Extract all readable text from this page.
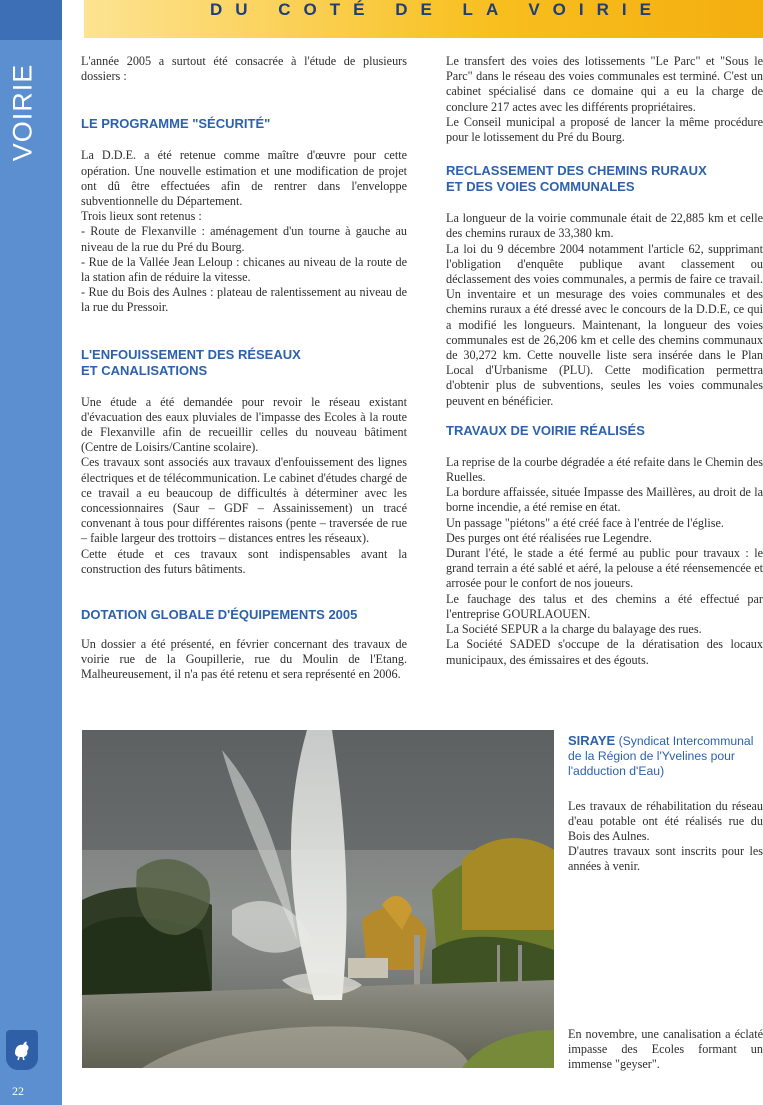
VOIRIE
22
DU COTÉ DE LA VOIRIE

L'année 2005 a surtout été consacrée à l'étude de plusieurs dossiers :

LE PROGRAMME "SÉCURITÉ"

La D.D.E. a été retenue comme maître d'œuvre pour cette opération. Une nouvelle estimation et une modification de projet ont dû être effectuées afin de rentrer dans l'enveloppe subventionnelle du Département.

Trois lieux sont retenus :

- Route de Flexanville : aménagement d'un tourne à gauche au niveau de la rue du Pré du Bourg.

- Rue de la Vallée Jean Leloup : chicanes au niveau de la route de la station afin de réduire la vitesse.

- Rue du Bois des Aulnes : plateau de ralentissement au niveau de la rue du Pressoir.

L'ENFOUISSEMENT DES RÉSEAUX
ET CANALISATIONS

Une étude a été demandée pour revoir le réseau existant d'évacuation des eaux pluviales de l'impasse des Ecoles à la route de Flexanville afin de recueillir celles du nouveau bâtiment (Centre de Loisirs/Cantine scolaire).

Ces travaux sont associés aux travaux d'enfouissement des lignes électriques et de télécommunication. Le cabinet d'études chargé de ce travail a eu beaucoup de difficultés à déterminer avec les concessionnaires (Saur – GDF – Assainissement) un tracé convenant à tous pour différentes raisons (pente – traversée de rue – faible largeur des trottoirs – distances entres les réseaux).

Cette étude et ces travaux sont indispensables avant la construction des futurs bâtiments.

DOTATION GLOBALE D'ÉQUIPEMENTS 2005

Un dossier a été présenté, en février concernant des travaux de voirie rue de la Goupillerie, rue du Moulin de l'Etang. Malheureusement, il n'a pas été retenu et sera représenté en 2006.

Le transfert des voies des lotissements "Le Parc" et "Sous le Parc" dans le réseau des voies communales est terminé. C'est un cabinet spécialisé dans ce domaine qui a eu la charge de conclure 217 actes avec les différents propriétaires.

Le Conseil municipal a proposé de lancer la même procédure pour le lotissement du Pré du Bourg.

RECLASSEMENT DES CHEMINS RURAUX
ET DES VOIES COMMUNALES

La longueur de la voirie communale était de 22,885 km et celle des chemins ruraux de 33,380 km.

La loi du 9 décembre 2004 notamment l'article 62, supprimant l'obligation d'enquête publique avant classement ou déclassement des voies communales, a permis de faire ce travail. Un inventaire et un mesurage des voies communales et des chemins ruraux a été dressé avec le concours de la D.D.E, ce qui a modifié les longueurs. Maintenant, la longueur des voies communales est de 26,206 km et celle des chemins communaux de 30,272 km. Cette nouvelle liste sera insérée dans le Plan Local d'Urbanisme (PLU). Cette modification permettra d'obtenir plus de subventions, seules les voies communales peuvent en bénéficier.

TRAVAUX DE VOIRIE RÉALISÉS

La reprise de la courbe dégradée a été refaite dans le Chemin des Ruelles.

La bordure affaissée, située Impasse des Maillères, au droit de la borne incendie, a été remise en état.

Un passage "piétons" a été créé face à l'entrée de l'église.

Des purges ont été réalisées rue Legendre.

Durant l'été, le stade a été fermé au public pour travaux : le grand terrain a été sablé et aéré, la pelouse a été réensemencée et arrosée pour le confort de nos joueurs.

Le fauchage des talus et des chemins a été effectué par l'entreprise GOURLAOUEN.

La Société SEPUR a la charge du balayage des rues.

La Société SADED s'occupe de la dératisation des locaux municipaux, des émissaires et des égouts.

SIRAYE (Syndicat Intercommunal de la Région de l'Yvelines pour l'adduction d'Eau)

Les travaux de réhabilitation du réseau d'eau potable ont été réalisés rue du Bois des Aulnes.

D'autres travaux sont inscrits pour les années à venir.

En novembre, une canalisation a éclaté impasse des Ecoles formant un immense "geyser".
